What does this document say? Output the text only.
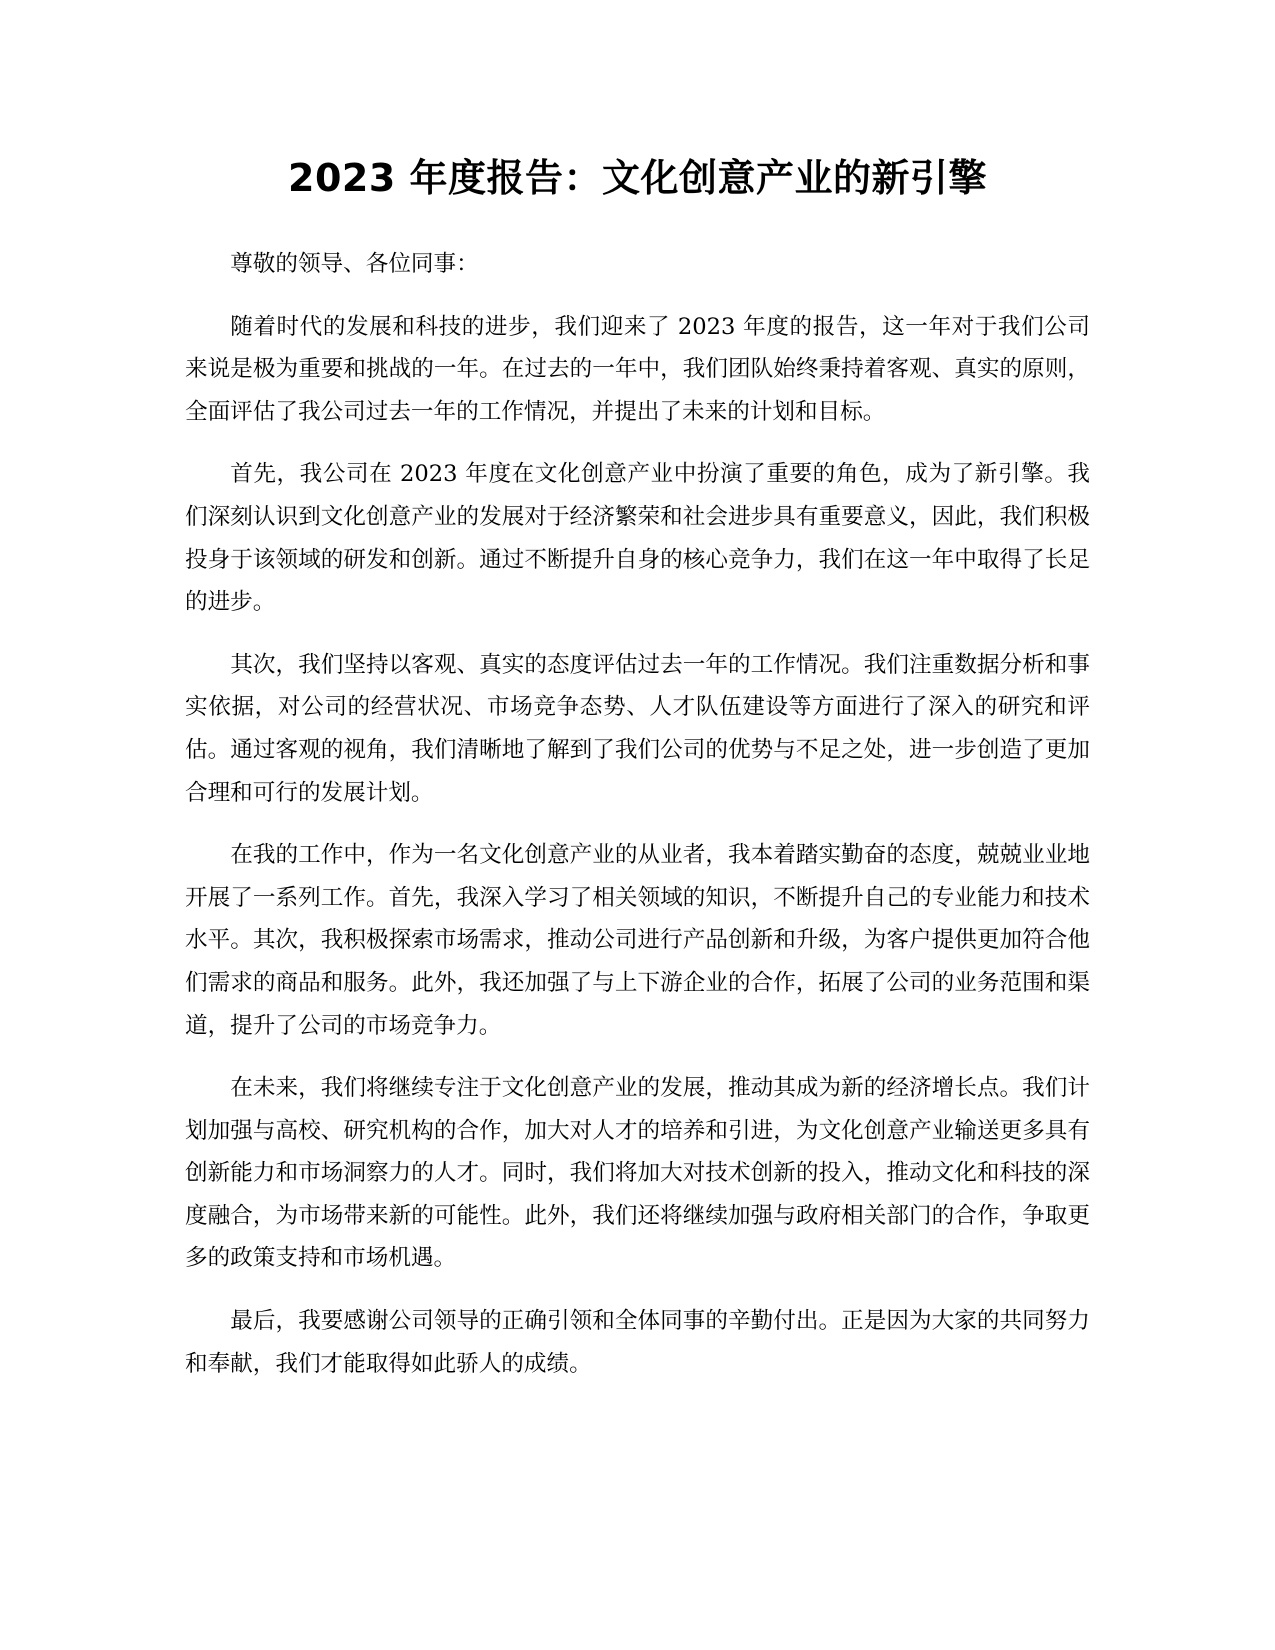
2023 年度报告：文化创意产业的新引擎

尊敬的领导、各位同事：

随着时代的发展和科技的进步，我们迎来了 2023 年度的报告，这一年对于我们公司来说是极为重要和挑战的一年。在过去的一年中，我们团队始终秉持着客观、真实的原则，全面评估了我公司过去一年的工作情况，并提出了未来的计划和目标。

首先，我公司在 2023 年度在文化创意产业中扮演了重要的角色，成为了新引擎。我们深刻认识到文化创意产业的发展对于经济繁荣和社会进步具有重要意义，因此，我们积极投身于该领域的研发和创新。通过不断提升自身的核心竞争力，我们在这一年中取得了长足的进步。

其次，我们坚持以客观、真实的态度评估过去一年的工作情况。我们注重数据分析和事实依据，对公司的经营状况、市场竞争态势、人才队伍建设等方面进行了深入的研究和评估。通过客观的视角，我们清晰地了解到了我们公司的优势与不足之处，进一步创造了更加合理和可行的发展计划。

在我的工作中，作为一名文化创意产业的从业者，我本着踏实勤奋的态度，兢兢业业地开展了一系列工作。首先，我深入学习了相关领域的知识，不断提升自己的专业能力和技术水平。其次，我积极探索市场需求，推动公司进行产品创新和升级，为客户提供更加符合他们需求的商品和服务。此外，我还加强了与上下游企业的合作，拓展了公司的业务范围和渠道，提升了公司的市场竞争力。

在未来，我们将继续专注于文化创意产业的发展，推动其成为新的经济增长点。我们计划加强与高校、研究机构的合作，加大对人才的培养和引进，为文化创意产业输送更多具有创新能力和市场洞察力的人才。同时，我们将加大对技术创新的投入，推动文化和科技的深度融合，为市场带来新的可能性。此外，我们还将继续加强与政府相关部门的合作，争取更多的政策支持和市场机遇。

最后，我要感谢公司领导的正确引领和全体同事的辛勤付出。正是因为大家的共同努力和奉献，我们才能取得如此骄人的成绩。
